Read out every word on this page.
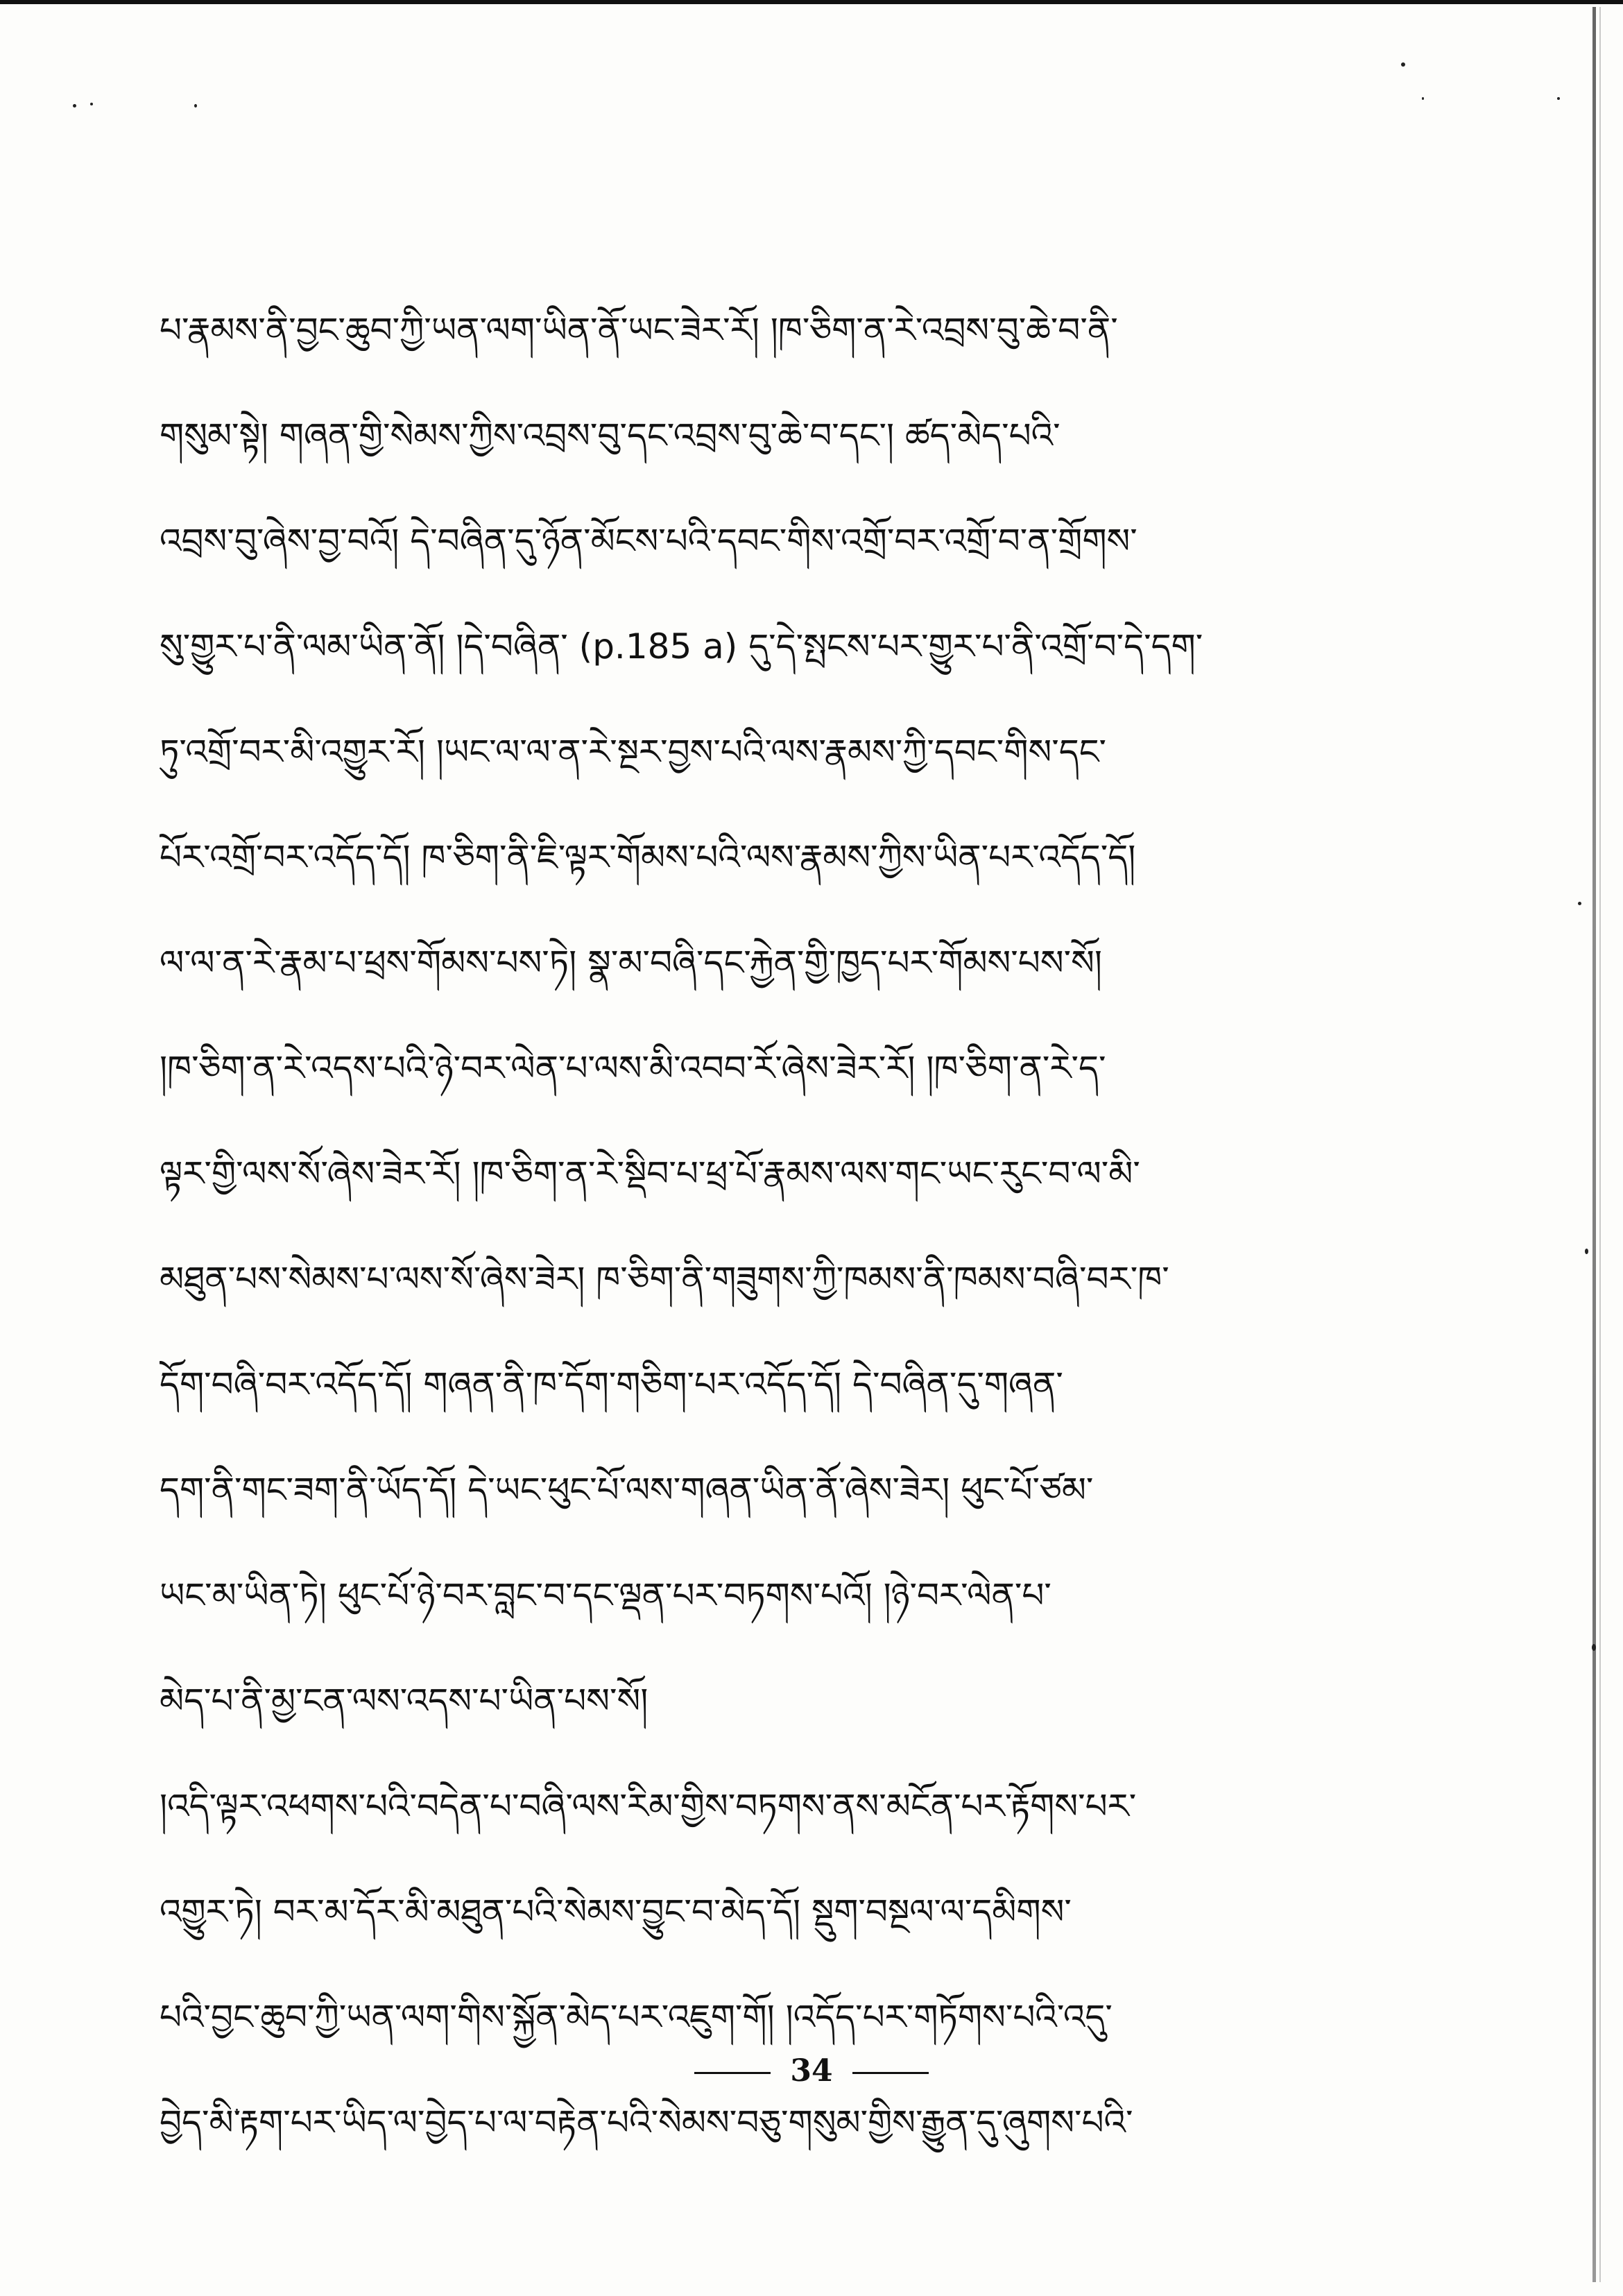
པ་རྣམས་ནི་བྱང་ཆུབ་ཀྱི་ཡན་ལག་ཡིན་ནོ་ཡང་ཟེར་རོ། །ཁ་ཅིག་ན་རེ་འབྲས་བུ་ཆེ་བ་ནི་
གསུམ་སྟེ། གཞན་གྱི་སེམས་ཀྱིས་འབྲས་བུ་དང་འབྲས་བུ་ཆེ་བ་དང་། ཚད་མེད་པའི་
འབྲས་བུ་ཞེས་བྱ་བའོ། དེ་བཞིན་དུ་ཉོན་མོངས་པའི་དབང་གིས་འགྲོ་བར་འགྲོ་བ་ན་གྲོགས་
སུ་གྱུར་པ་ནི་ལམ་ཡིན་ནོ། །དེ་བཞིན་ (p.185 a) དུ་དེ་སྤངས་པར་གྱུར་པ་ནི་འགྲོ་བ་དེ་དག་
ཏུ་འགྲོ་བར་མི་འགྱུར་རོ། །ཡང་ལ་ལ་ན་རེ་སྔར་བྱས་པའི་ལས་རྣམས་ཀྱི་དབང་གིས་དང་
པོར་འགྲོ་བར་འདོད་དོ། ཁ་ཅིག་ནི་ཇི་ལྟར་གོམས་པའི་ལས་རྣམས་ཀྱིས་ཡིན་པར་འདོད་དོ།
ལ་ལ་ན་རེ་རྣམ་པ་ཕྲས་གོམས་པས་ཏེ། སྣ་མ་བཞི་དང་རྐྱེན་གྱི་ཁྱད་པར་གོམས་པས་སོ།
།ཁ་ཅིག་ན་རེ་འདས་པའི་ཉེ་བར་ལེན་པ་ལས་མི་འབབ་རོ་ཞེས་ཟེར་རོ། །ཁ་ཅིག་ན་རེ་ད་
ལྟར་གྱི་ལས་སོ་ཞེས་ཟེར་རོ། །ཁ་ཅིག་ན་རེ་སྡིབ་པ་ཕྲ་པོ་རྣམས་ལས་གང་ཡང་རུང་བ་ལ་མི་
མཐུན་པས་སེམས་པ་ལས་སོ་ཞེས་ཟེར། ཁ་ཅིག་ནི་གཟུགས་ཀྱི་ཁམས་ནི་ཁམས་བཞི་བར་ཁ་
དོག་བཞི་བར་འདོད་དོ། གཞན་ནི་ཁ་དོག་གཅིག་པར་འདོད་དོ། དེ་བཞིན་དུ་གཞན་
དག་ནི་གང་ཟག་ནི་ཡོད་དོ། དེ་ཡང་ཕུང་པོ་ལས་གཞན་ཡིན་ནོ་ཞེས་ཟེར། ཕུང་པོ་ཙམ་
ཡང་མ་ཡིན་ཏེ། ཕུང་པོ་ཉེ་བར་བླང་བ་དང་ལྡན་པར་བཏགས་པའོ། །ཉེ་བར་ལེན་པ་
མེད་པ་ནི་མྱ་ངན་ལས་འདས་པ་ཡིན་པས་སོ།
།འདི་ལྟར་འཕགས་པའི་བདེན་པ་བཞི་ལས་རིམ་གྱིས་བཏགས་ནས་མངོན་པར་རྟོགས་པར་
འགྱུར་ཏེ། བར་མ་དོར་མི་མཐུན་པའི་སེམས་བྱུང་བ་མེད་དོ། སྡུག་བསྔལ་ལ་དམིགས་
པའི་བྱང་ཆུབ་ཀྱི་ཡན་ལག་གིས་སྐྱོན་མེད་པར་འཇུག་གོ། །འདོད་པར་གཏོགས་པའི་འདུ་
བྱེད་མི་རྟག་པར་ཡིད་ལ་བྱེད་པ་ལ་བརྟེན་པའི་སེམས་བཅུ་གསུམ་གྱིས་རྒྱུན་དུ་ཞུགས་པའི་
34
